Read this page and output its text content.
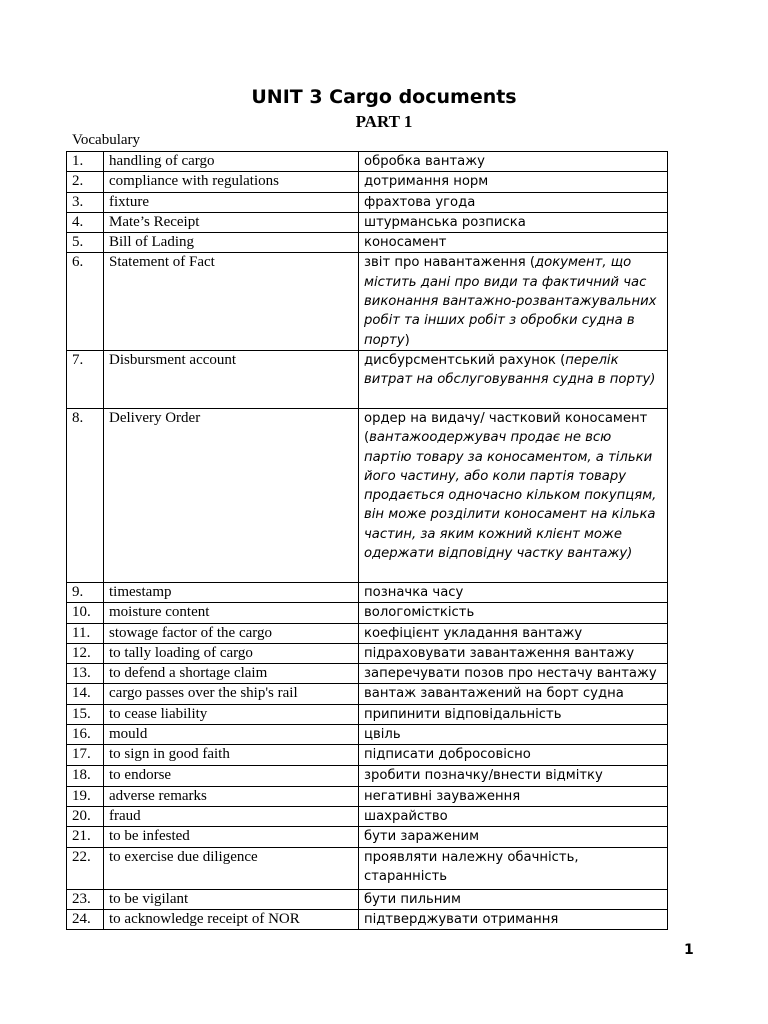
UNIT 3 Cargo documents
PART 1
Vocabulary
1.	handling of cargo	обробка вантажу
2.	compliance with regulations	дотримання норм
3.	fixture	фрахтова угода
4.	Mate’s Receipt	штурманська розписка
5.	Bill of Lading	коносамент
6.	Statement of Fact	звіт про навантаження (документ, що містить дані про види та фактичний час виконання вантажно-розвантажувальних робіт та інших робіт з обробки судна в порту)
7.	Disbursment account	дисбурсментський рахунок (перелік витрат на обслуговування судна в порту)
8.	Delivery Order	ордер на видачу/ частковий коносамент (вантажоодержувач продає не всю партію товару за коносаментом, а тільки його частину, або коли партія товару продається одночасно кільком покупцям, він може розділити коносамент на кілька частин, за яким кожний клієнт може одержати відповідну частку вантажу)
9.	timestamp	позначка часу
10.	moisture content	вологомісткість
11.	stowage factor of the cargo	коефіцієнт укладання вантажу
12.	to tally loading of cargo	підраховувати завантаження вантажу
13.	to defend a shortage claim	заперечувати позов про нестачу вантажу
14.	cargo passes over the ship's rail	вантаж завантажений на борт судна
15.	to cease liability	припинити відповідальність
16.	mould	цвіль
17.	to sign in good faith	підписати добросовісно
18.	to endorse	зробити позначку/внести відмітку
19.	adverse remarks	негативні зауваження
20.	fraud	шахрайство
21.	to be infested	бути зараженим
22.	to exercise due diligence	проявляти належну обачність, старанність
23.	to be vigilant	бути пильним
24.	to acknowledge receipt of NOR	підтверджувати отримання
1
